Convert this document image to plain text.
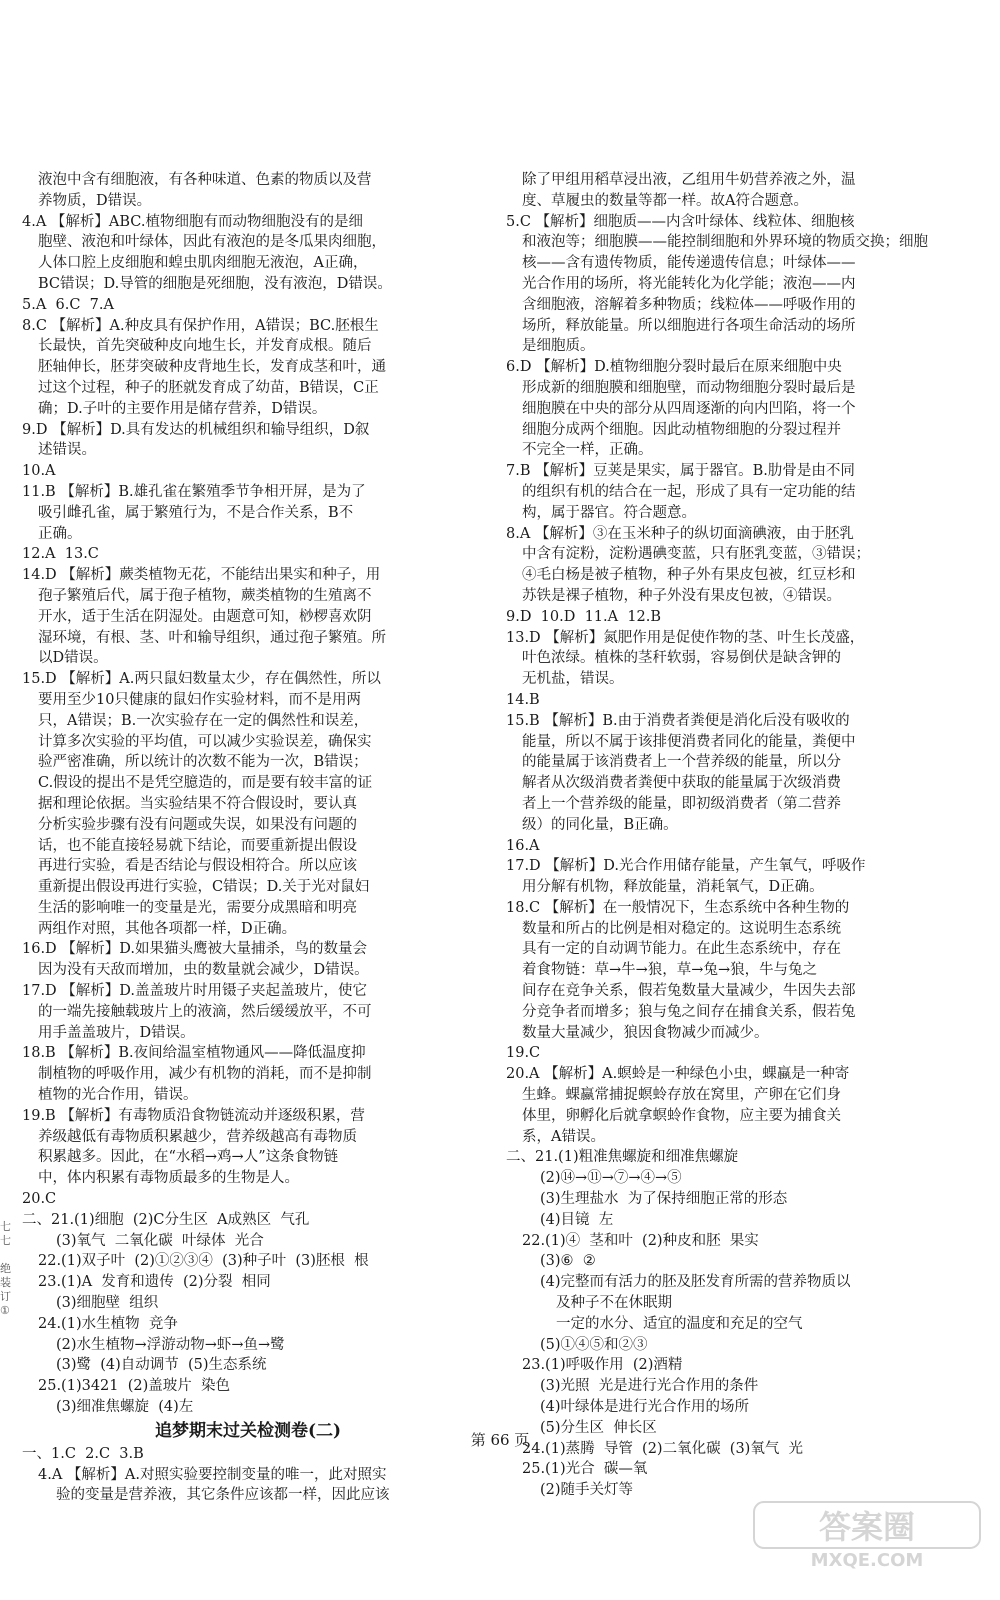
液泡中含有细胞液，有各种味道、色素的物质以及营
养物质，D错误。
4.A 【解析】ABC.植物细胞有而动物细胞没有的是细
胞壁、液泡和叶绿体，因此有液泡的是冬瓜果肉细胞，
人体口腔上皮细胞和蝗虫肌肉细胞无液泡，A正确，
BC错误；D.导管的细胞是死细胞，没有液泡，D错误。
5.A  6.C  7.A
8.C 【解析】A.种皮具有保护作用，A错误；BC.胚根生
长最快，首先突破种皮向地生长，并发育成根。随后
胚轴伸长，胚芽突破种皮背地生长，发育成茎和叶，通
过这个过程，种子的胚就发育成了幼苗，B错误，C正
确；D.子叶的主要作用是储存营养，D错误。
9.D 【解析】D.具有发达的机械组织和输导组织，D叙
述错误。
10.A
11.B 【解析】B.雄孔雀在繁殖季节争相开屏，是为了
吸引雌孔雀，属于繁殖行为，不是合作关系，B不
正确。
12.A  13.C
14.D 【解析】蕨类植物无花，不能结出果实和种子，用
孢子繁殖后代，属于孢子植物，蕨类植物的生殖离不
开水，适于生活在阴湿处。由题意可知，桫椤喜欢阴
湿环境，有根、茎、叶和输导组织，通过孢子繁殖。所
以D错误。
15.D 【解析】A.两只鼠妇数量太少，存在偶然性，所以
要用至少10只健康的鼠妇作实验材料，而不是用两
只，A错误；B.一次实验存在一定的偶然性和误差，
计算多次实验的平均值，可以减少实验误差，确保实
验严密准确，所以统计的次数不能为一次，B错误；
C.假设的提出不是凭空臆造的，而是要有较丰富的证
据和理论依据。当实验结果不符合假设时，要认真
分析实验步骤有没有问题或失误，如果没有问题的
话，也不能直接轻易就下结论，而要重新提出假设
再进行实验，看是否结论与假设相符合。所以应该
重新提出假设再进行实验，C错误；D.关于光对鼠妇
生活的影响唯一的变量是光，需要分成黑暗和明亮
两组作对照，其他各项都一样，D正确。
16.D 【解析】D.如果猫头鹰被大量捕杀，鸟的数量会
因为没有天敌而增加，虫的数量就会减少，D错误。
17.D 【解析】D.盖盖玻片时用镊子夹起盖玻片，使它
的一端先接触载玻片上的液滴，然后缓缓放平，不可
用手盖盖玻片，D错误。
18.B 【解析】B.夜间给温室植物通风——降低温度抑
制植物的呼吸作用，减少有机物的消耗，而不是抑制
植物的光合作用，错误。
19.B 【解析】有毒物质沿食物链流动并逐级积累，营
养级越低有毒物质积累越少，营养级越高有毒物质
积累越多。因此，在“水稻→鸡→人”这条食物链
中，体内积累有毒物质最多的生物是人。
20.C
二、21.(1)细胞  (2)C分生区  A成熟区  气孔
(3)氧气  二氧化碳  叶绿体  光合
22.(1)双子叶  (2)①②③④  (3)种子叶  (3)胚根  根
23.(1)A  发育和遗传  (2)分裂  相同
(3)细胞壁  组织
24.(1)水生植物  竞争
(2)水生植物→浮游动物→虾→鱼→鹭
(3)鹭  (4)自动调节  (5)生态系统
25.(1)3421  (2)盖玻片  染色
(3)细准焦螺旋  (4)左
追梦期末过关检测卷(二)
一、1.C  2.C  3.B
4.A 【解析】A.对照实验要控制变量的唯一，此对照实
验的变量是营养液，其它条件应该都一样，因此应该
除了甲组用稻草浸出液，乙组用牛奶营养液之外，温
度、草履虫的数量等都一样。故A符合题意。
5.C 【解析】细胞质——内含叶绿体、线粒体、细胞核
和液泡等；细胞膜——能控制细胞和外界环境的物质交换；细胞
核——含有遗传物质，能传递遗传信息；叶绿体——
光合作用的场所，将光能转化为化学能；液泡——内
含细胞液，溶解着多种物质；线粒体——呼吸作用的
场所，释放能量。所以细胞进行各项生命活动的场所
是细胞质。
6.D 【解析】D.植物细胞分裂时最后在原来细胞中央
形成新的细胞膜和细胞壁，而动物细胞分裂时最后是
细胞膜在中央的部分从四周逐渐的向内凹陷，将一个
细胞分成两个细胞。因此动植物细胞的分裂过程并
不完全一样，正确。
7.B 【解析】豆荚是果实，属于器官。B.肋骨是由不同
的组织有机的结合在一起，形成了具有一定功能的结
构，属于器官。符合题意。
8.A 【解析】③在玉米种子的纵切面滴碘液，由于胚乳
中含有淀粉，淀粉遇碘变蓝，只有胚乳变蓝，③错误；
④毛白杨是被子植物，种子外有果皮包被，红豆杉和
苏铁是裸子植物，种子外没有果皮包被，④错误。
9.D  10.D  11.A  12.B
13.D 【解析】氮肥作用是促使作物的茎、叶生长茂盛，
叶色浓绿。植株的茎秆软弱，容易倒伏是缺含钾的
无机盐，错误。
14.B
15.B 【解析】B.由于消费者粪便是消化后没有吸收的
能量，所以不属于该排便消费者同化的能量，粪便中
的能量属于该消费者上一个营养级的能量，所以分
解者从次级消费者粪便中获取的能量属于次级消费
者上一个营养级的能量，即初级消费者（第二营养
级）的同化量，B正确。
16.A
17.D 【解析】D.光合作用储存能量，产生氧气，呼吸作
用分解有机物，释放能量，消耗氧气，D正确。
18.C 【解析】在一般情况下，生态系统中各种生物的
数量和所占的比例是相对稳定的。这说明生态系统
具有一定的自动调节能力。在此生态系统中，存在
着食物链：草→牛→狼，草→兔→狼，牛与兔之
间存在竞争关系，假若兔数量大量减少，牛因失去部
分竞争者而增多；狼与兔之间存在捕食关系，假若兔
数量大量减少，狼因食物减少而减少。
19.C
20.A 【解析】A.螟蛉是一种绿色小虫，蜾蠃是一种寄
生蜂。蜾蠃常捕捉螟蛉存放在窝里，产卵在它们身
体里，卵孵化后就拿螟蛉作食物，应主要为捕食关
系，A错误。
二、21.(1)粗准焦螺旋和细准焦螺旋
(2)⑭→⑪→⑦→④→⑤
(3)生理盐水  为了保持细胞正常的形态
(4)目镜  左
22.(1)④  茎和叶  (2)种皮和胚  果实
(3)⑥  ②
(4)完整而有活力的胚及胚发育所需的营养物质以
及种子不在休眠期
一定的水分、适宜的温度和充足的空气
(5)①④⑤和②③
23.(1)呼吸作用  (2)酒精
(3)光照  光是进行光合作用的条件
(4)叶绿体是进行光合作用的场所
(5)分生区  伸长区
24.(1)蒸腾  导管  (2)二氧化碳  (3)氧气  光
25.(1)光合  碳—氧
(2)随手关灯等
七
七

绝
装
订
①
第 66 页
答案圈
MXQE.COM
